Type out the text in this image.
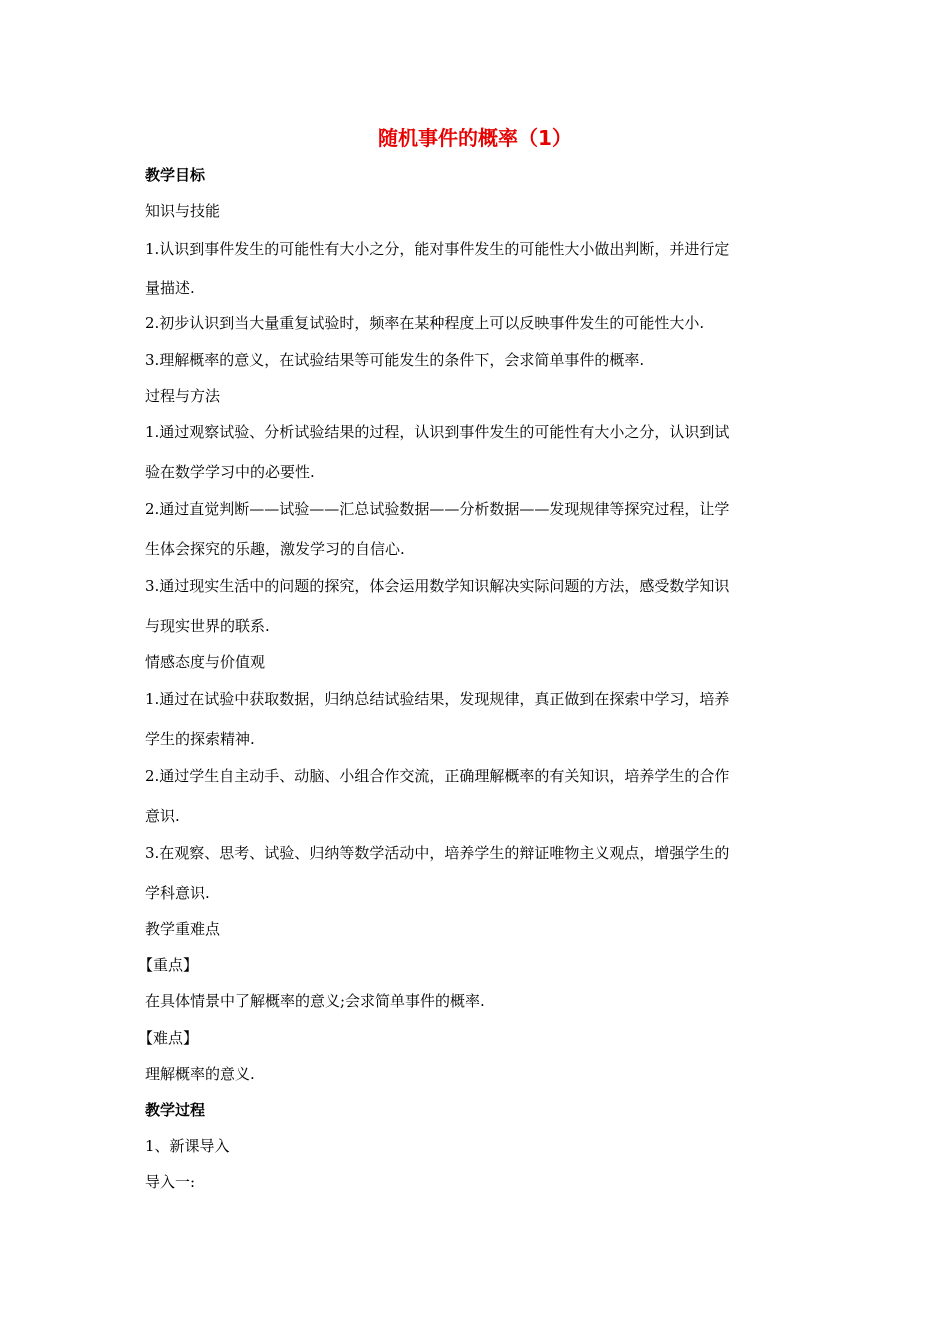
随机事件的概率（1）
教学目标
知识与技能
1.认识到事件发生的可能性有大小之分，能对事件发生的可能性大小做出判断，并进行定
量描述.
2.初步认识到当大量重复试验时，频率在某种程度上可以反映事件发生的可能性大小.
3.理解概率的意义，在试验结果等可能发生的条件下，会求简单事件的概率.
过程与方法
1.通过观察试验、分析试验结果的过程，认识到事件发生的可能性有大小之分，认识到试
验在数学学习中的必要性.
2.通过直觉判断——试验——汇总试验数据——分析数据——发现规律等探究过程，让学
生体会探究的乐趣，激发学习的自信心.
3.通过现实生活中的问题的探究，体会运用数学知识解决实际问题的方法，感受数学知识
与现实世界的联系.
情感态度与价值观
1.通过在试验中获取数据，归纳总结试验结果，发现规律，真正做到在探索中学习，培养
学生的探索精神.
2.通过学生自主动手、动脑、小组合作交流，正确理解概率的有关知识，培养学生的合作
意识.
3.在观察、思考、试验、归纳等数学活动中，培养学生的辩证唯物主义观点，增强学生的
学科意识.
教学重难点
【重点】
在具体情景中了解概率的意义;会求简单事件的概率.
【难点】
理解概率的意义.
教学过程
1、新课导入
导入一:
